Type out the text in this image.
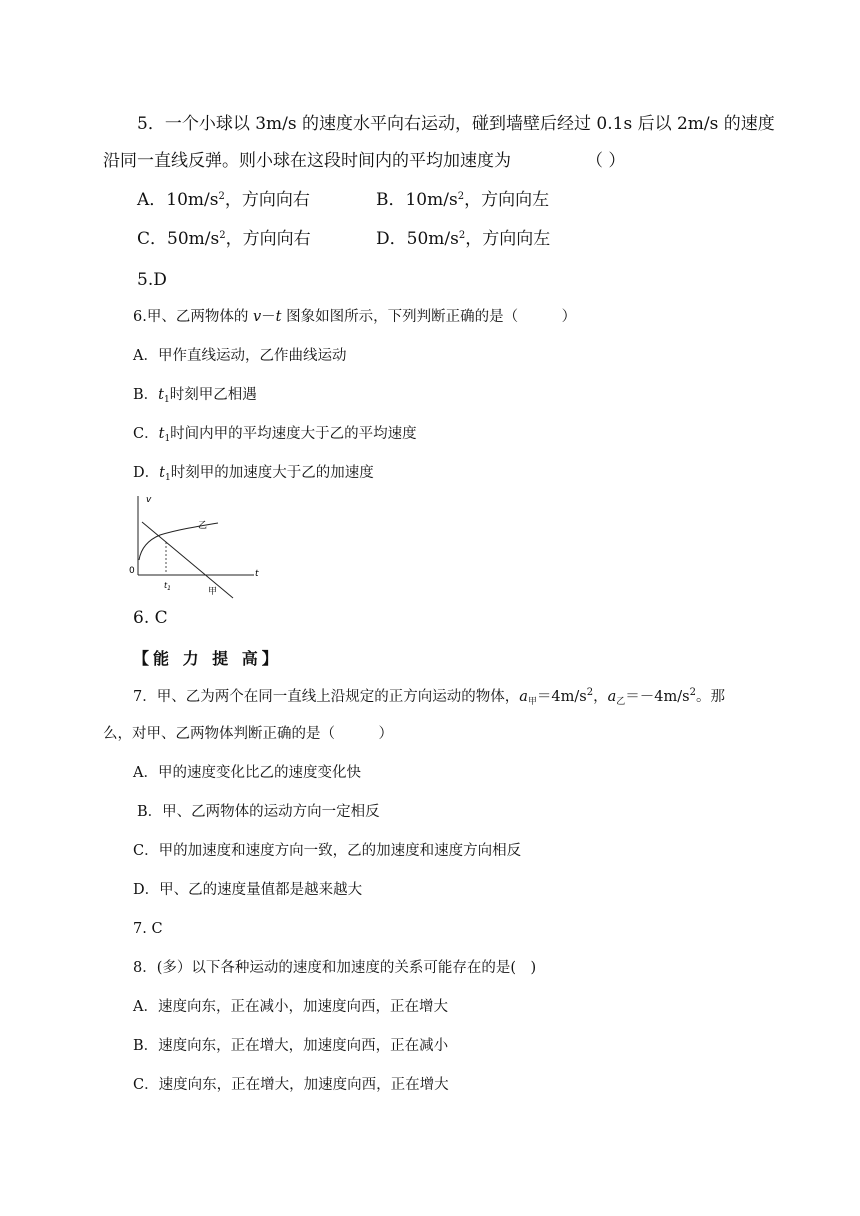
5．一个小球以 3m/s 的速度水平向右运动，碰到墙壁后经过 0.1s 后以 2m/s 的速度
沿同一直线反弹。则小球在这段时间内的平均加速度为	（ ）
A．$10m/s^2$，方向向右	B．$10m/s^2$，方向向左
C．$50m/s^2$，方向向右	D．$50m/s^2$，方向向左
5.D
6.甲、乙两物体的 v－t 图象如图所示，下列判断正确的是（　　　）
A．甲作直线运动，乙作曲线运动
B．$t_1$时刻甲乙相遇
C．$t_1$时间内甲的平均速度大于乙的平均速度
D．$t_1$时刻甲的加速度大于乙的加速度
v
t
0
$t_1$
乙
甲
6. C
【能 力 提 高】
7．甲、乙为两个在同一直线上沿规定的正方向运动的物体，$a_甲=4m/s^2$，$a_乙=-4m/s^2$。那
么，对甲、乙两物体判断正确的是（　　　）
A．甲的速度变化比乙的速度变化快
B．甲、乙两物体的运动方向一定相反
C．甲的加速度和速度方向一致，乙的加速度和速度方向相反
D．甲、乙的速度量值都是越来越大
7. C
8．(多）以下各种运动的速度和加速度的关系可能存在的是(　)
A．速度向东，正在减小，加速度向西，正在增大
B．速度向东，正在增大，加速度向西，正在减小
C．速度向东，正在增大，加速度向西，正在增大
